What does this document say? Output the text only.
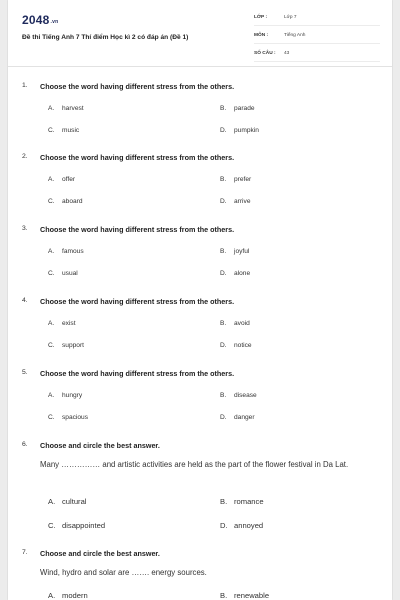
2048.vn
Đề thi Tiếng Anh 7 Thí điểm Học kì 2 có đáp án (Đề 1)
LỚP :	Lớp 7
MÔN :	Tiếng Anh
SỐ CÂU : 43
1. Choose the word having different stress from the others.
A. harvest	B. parade
C. music	D. pumpkin
2. Choose the word having different stress from the others.
A. offer	B. prefer
C. aboard	D. arrive
3. Choose the word having different stress from the others.
A. famous	B. joyful
C. usual	D. alone
4. Choose the word having different stress from the others.
A. exist	B. avoid
C. support	D. notice
5. Choose the word having different stress from the others.
A. hungry	B. disease
C. spacious	D. danger
6. Choose and circle the best answer.
Many …………… and artistic activities are held as the part of the flower festival in Da Lat.
A. cultural	B. romance
C. disappointed	D. annoyed
7. Choose and circle the best answer.
Wind, hydro and solar are ……. energy sources.
A. modern	B. renewable
